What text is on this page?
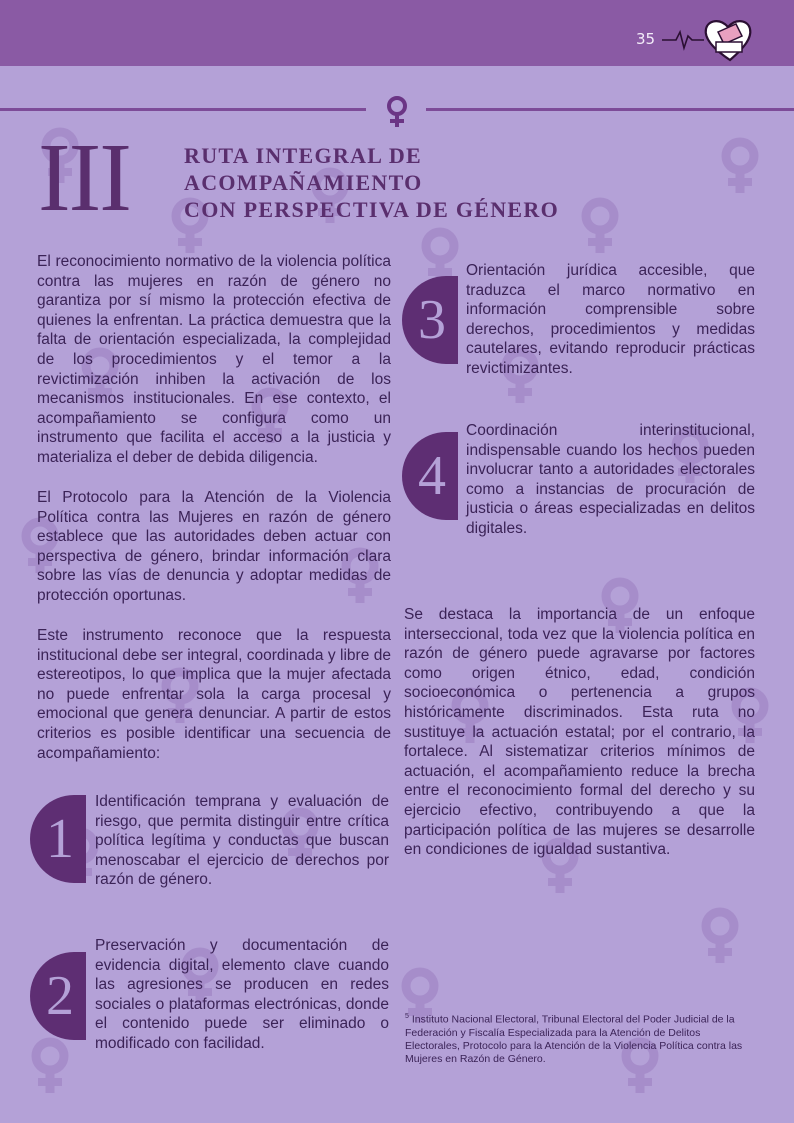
35
III RUTA INTEGRAL DE ACOMPAÑAMIENTO
CON PERSPECTIVA DE GÉNERO

El reconocimiento normativo de la violencia política contra las mujeres en razón de género no garantiza por sí mismo la protección efectiva de quienes la enfrentan. La práctica demuestra que la falta de orientación especializada, la complejidad de los procedimientos y el temor a la revictimización inhiben la activación de los mecanismos institucionales. En ese contexto, el acompañamiento se configura como un instrumento que facilita el acceso a la justicia y materializa el deber de debida diligencia.

El Protocolo para la Atención de la Violencia Política contra las Mujeres en razón de género establece que las autoridades deben actuar con perspectiva de género, brindar información clara sobre las vías de denuncia y adoptar medidas de protección oportunas.

Este instrumento reconoce que la respuesta institucional debe ser integral, coordinada y libre de estereotipos, lo que implica que la mujer afectada no puede enfrentar sola la carga procesal y emocional que genera denunciar. A partir de estos criterios es posible identificar una secuencia de acompañamiento:

1

Identificación temprana y evaluación de riesgo, que permita distinguir entre crítica política legítima y conductas que buscan menoscabar el ejercicio de derechos por razón de género.

2

Preservación y documentación de evidencia digital, elemento clave cuando las agresiones se producen en redes sociales o plataformas electrónicas, donde el contenido puede ser eliminado o modificado con facilidad.

3

Orientación jurídica accesible, que traduzca el marco normativo en información comprensible sobre derechos, procedimientos y medidas cautelares, evitando reproducir prácticas revictimizantes.

4

Coordinación interinstitucional, indispensable cuando los hechos pueden involucrar tanto a autoridades electorales como a instancias de procuración de justicia o áreas especializadas en delitos digitales.

Se destaca la importancia de un enfoque interseccional, toda vez que la violencia política en razón de género puede agravarse por factores como origen étnico, edad, condición socioeconómica o pertenencia a grupos históricamente discriminados. Esta ruta no sustituye la actuación estatal; por el contrario, la fortalece. Al sistematizar criterios mínimos de actuación, el acompañamiento reduce la brecha entre el reconocimiento formal del derecho y su ejercicio efectivo, contribuyendo a que la participación política de las mujeres se desarrolle en condiciones de igualdad sustantiva.

$^5$ Instituto Nacional Electoral, Tribunal Electoral del Poder Judicial de la Federación y Fiscalía Especializada para la Atención de Delitos Electorales, Protocolo para la Atención de la Violencia Política contra las Mujeres en Razón de Género.
